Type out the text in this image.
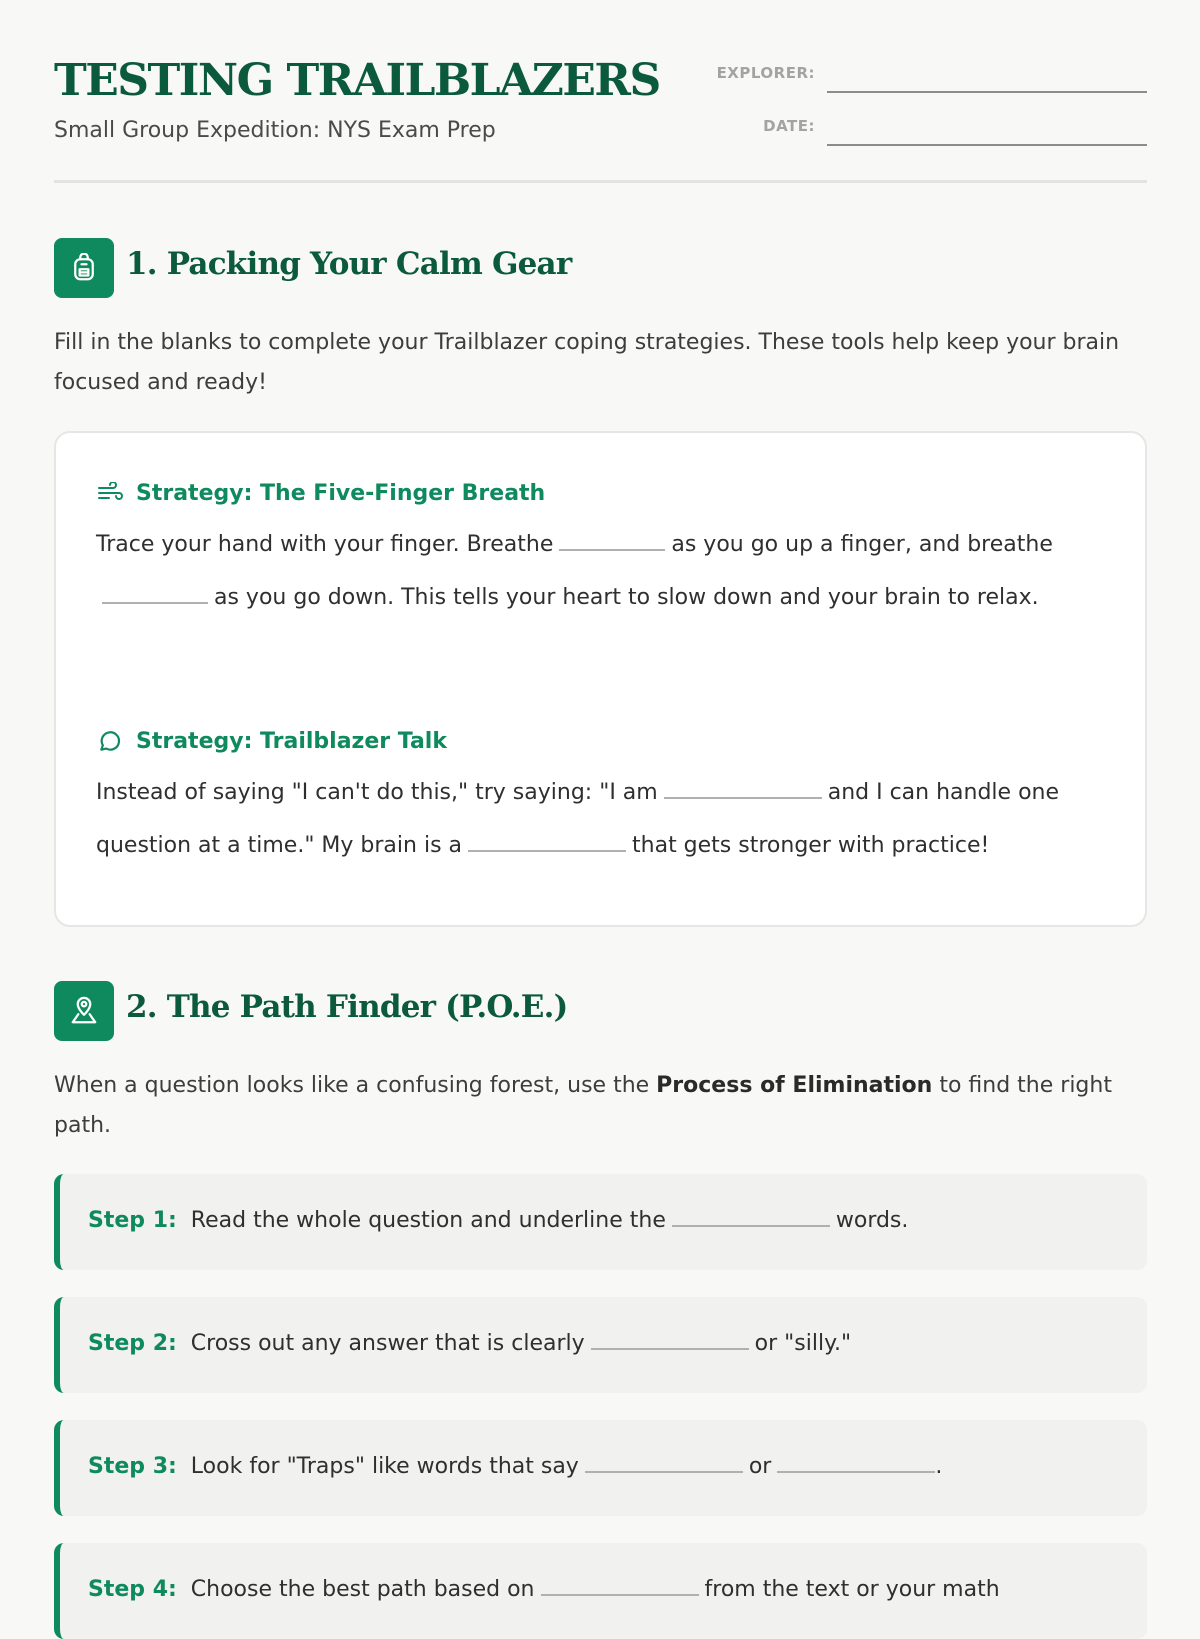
TESTING TRAILBLAZERS
Small Group Expedition: NYS Exam Prep
EXPLORER:
DATE:
1. Packing Your Calm Gear

Fill in the blanks to complete your Trailblazer coping strategies. These tools help keep your brain focused and ready!

Strategy: The Five-Finger Breath
Trace your hand with your finger. Breathe	as you go up a finger, and breatheas you go down. This tells your heart to slow down and your brain to relax.
Strategy: Trailblazer Talk
Instead of saying "I can't do this," try saying: "I am	and I can handle one question at a time." My brain is a	that gets stronger with practice!
2. The Path Finder (P.O.E.)

When a question looks like a confusing forest, use the Process of Elimination to find the right path.

Step 1: Read the whole question and underline the	words.
Step 2: Cross out any answer that is clearly	or "silly."
Step 3: Look for "Traps" like words that say	or	.
Step 4: Choose the best path based on	from the text or your math
